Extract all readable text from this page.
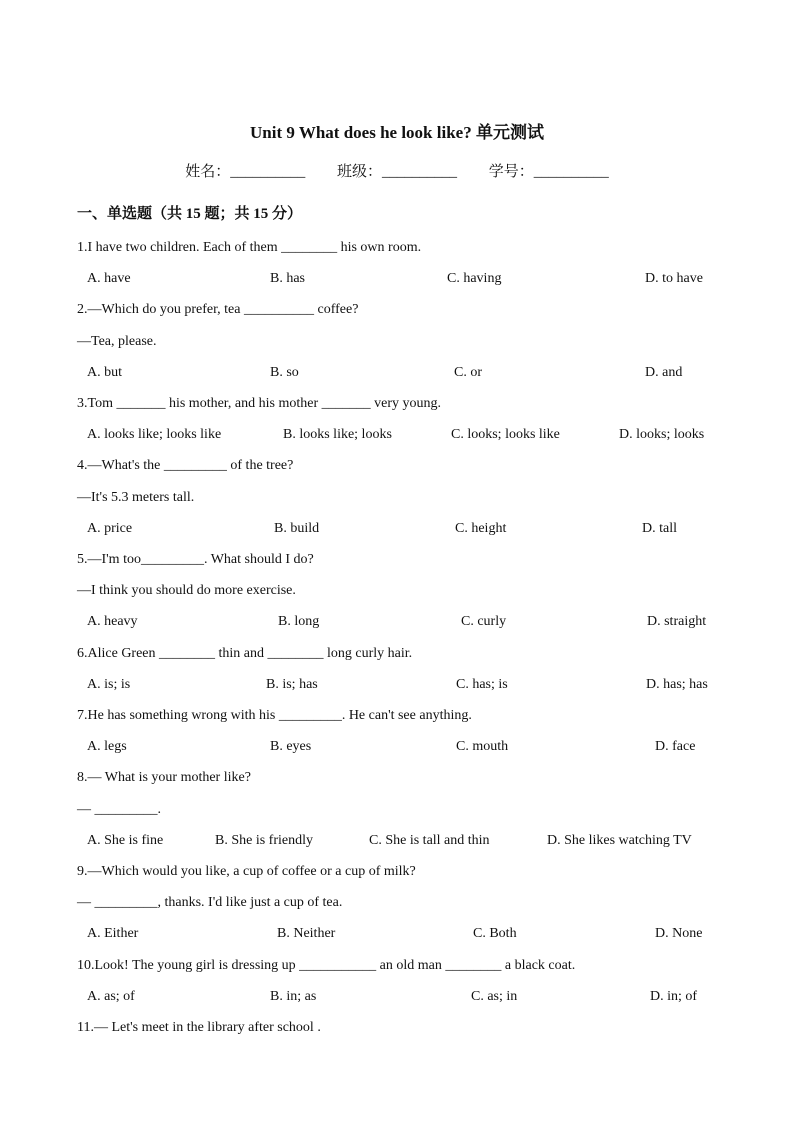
Unit 9 What does he look like? 单元测试
姓名：__________ 班级：__________ 学号：__________
一、单选题（共 15 题；共 15 分）
1.I have two children. Each of them ________ his own room.
A. have	B. has	C. having	D. to have
2.—Which do you prefer, tea __________ coffee?
—Tea, please.
A. but	B. so	C. or	D. and
3.Tom _______ his mother, and his mother _______ very young.
A. looks like; looks like	B. looks like; looks	C. looks; looks like	D. looks; looks
4.—What's the _________ of the tree?
—It's 5.3 meters tall.
A. price	B. build	C. height	D. tall
5.—I'm too_________. What should I do?
—I think you should do more exercise.
A. heavy	B. long	C. curly	D. straight
6.Alice Green ________ thin and ________ long curly hair.
A. is; is	B. is; has	C. has; is	D. has; has
7.He has something wrong with his _________. He can't see anything.
A. legs	B. eyes	C. mouth	D. face
8.— What is your mother like?
— _________.
A. She is fine	B. She is friendly	C. She is tall and thin	D. She likes watching TV
9.—Which would you like, a cup of coffee or a cup of milk?
— _________, thanks. I'd like just a cup of tea.
A. Either	B. Neither	C. Both	D. None
10.Look! The young girl is dressing up ___________ an old man ________ a black coat.
A. as; of	B. in; as	C. as; in	D. in; of
11.— Let's meet in the library after school .
